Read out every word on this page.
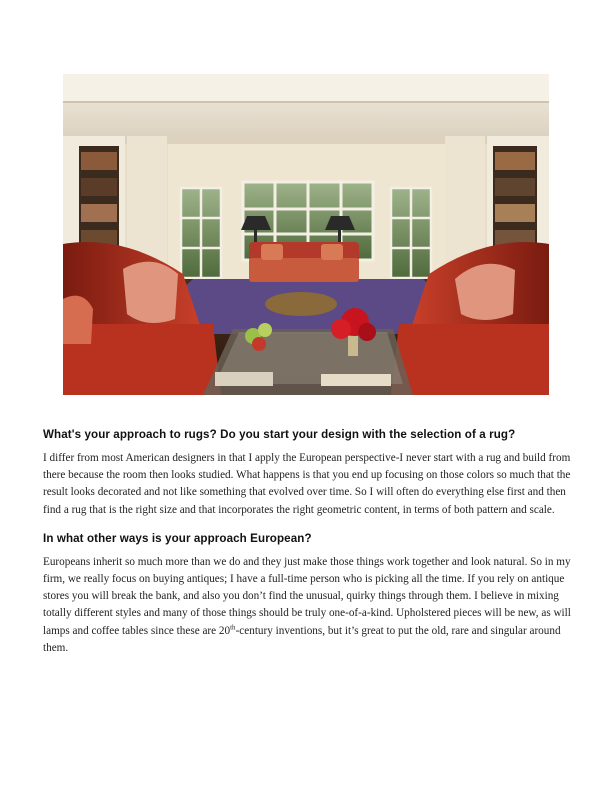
What's your approach to rugs? Do you start your design with the selection of a rug?

I differ from most American designers in that I apply the European perspective-I never start with a rug and build from there because the room then looks studied. What happens is that you end up focusing on those colors so much that the result looks decorated and not like something that evolved over time. So I will often do everything else first and then find a rug that is the right size and that incorporates the right geometric content, in terms of both pattern and scale.

In what other ways is your approach European?

Europeans inherit so much more than we do and they just make those things work together and look natural. So in my firm, we really focus on buying antiques; I have a full-time person who is picking all the time. If you rely on antique stores you will break the bank, and also you don’t find the unusual, quirky things through them. I believe in mixing totally different styles and many of those things should be truly one-of-a-kind. Upholstered pieces will be new, as will lamps and coffee tables since these are 20th-century inventions, but it’s great to put the old, rare and singular around them.
